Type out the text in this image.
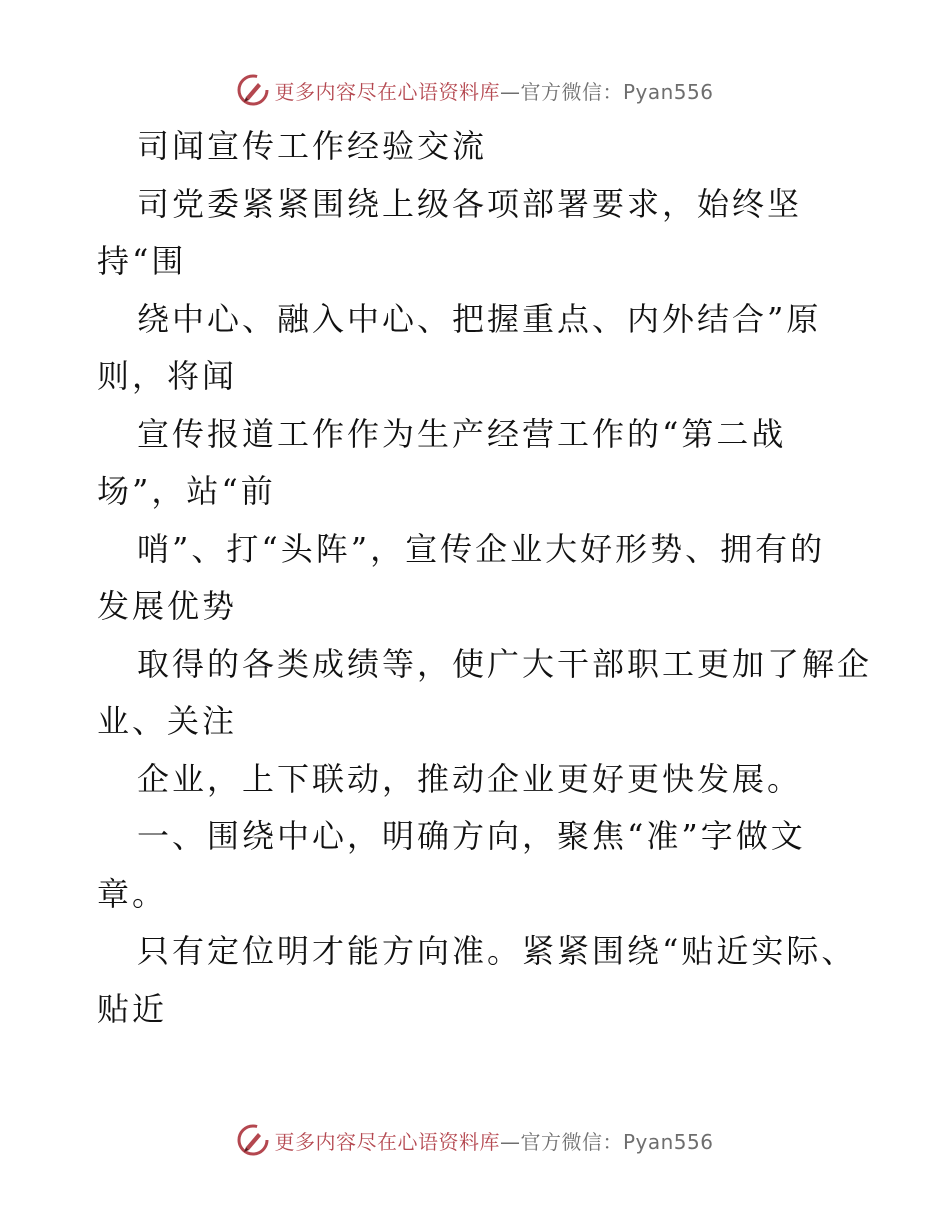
更多内容尽在心语资料库—官方微信：Pyan556
司闻宣传工作经验交流
司党委紧紧围绕上级各项部署要求，始终坚
持“围
绕中心、融入中心、把握重点、内外结合”原
则，将闻
宣传报道工作作为生产经营工作的“第二战
场”，站“前
哨”、打“头阵”，宣传企业大好形势、拥有的
发展优势
取得的各类成绩等，使广大干部职工更加了解企
业、关注
企业，上下联动，推动企业更好更快发展。
一、围绕中心，明确方向，聚焦“准”字做文
章。
只有定位明才能方向准。紧紧围绕“贴近实际、
贴近
更多内容尽在心语资料库—官方微信：Pyan556
